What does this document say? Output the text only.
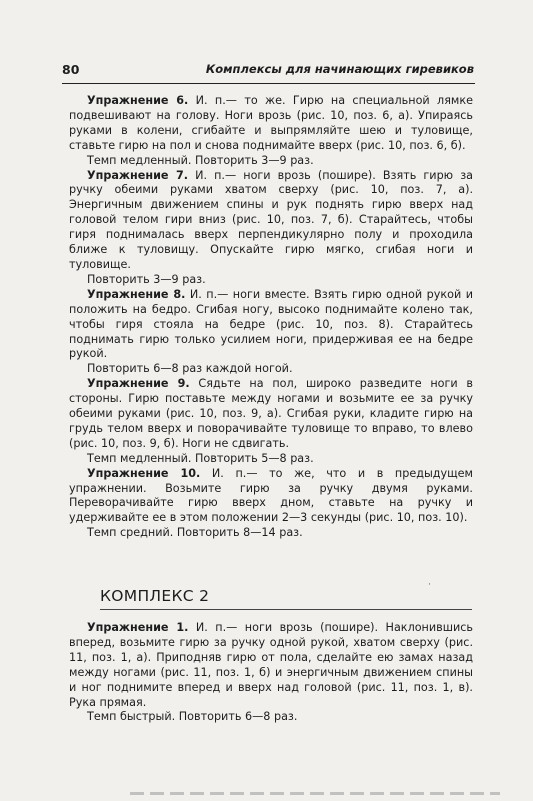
80	Комплексы для начинающих гиревиков

Упражнение 6. И. п.— то же. Гирю на специальной лямке подвешивают на голову. Ноги врозь (рис. 10, поз. 6, а). Упираясь руками в колени, сгибайте и выпрямляйте шею и туловище, ставьте гирю на пол и снова поднимайте вверх (рис. 10, поз. 6, б).

Темп медленный. Повторить 3—9 раз.

Упражнение 7. И. п.— ноги врозь (пошире). Взять гирю за ручку обеими руками хватом сверху (рис. 10, поз. 7, а). Энергичным движением спины и рук поднять гирю вверх над головой телом гири вниз (рис. 10, поз. 7, б). Старайтесь, чтобы гиря поднималась вверх перпендикулярно полу и проходила ближе к туловищу. Опускайте гирю мягко, сгибая ноги и туловище.

Повторить 3—9 раз.

Упражнение 8. И. п.— ноги вместе. Взять гирю одной рукой и положить на бедро. Сгибая ногу, высоко поднимайте колено так, чтобы гиря стояла на бедре (рис. 10, поз. 8). Старайтесь поднимать гирю только усилием ноги, придерживая ее на бедре рукой.

Повторить 6—8 раз каждой ногой.

Упражнение 9. Сядьте на пол, широко разведите ноги в стороны. Гирю поставьте между ногами и возьмите ее за ручку обеими руками (рис. 10, поз. 9, а). Сгибая руки, кладите гирю на грудь телом вверх и поворачивайте туловище то вправо, то влево (рис. 10, поз. 9, б). Ноги не сдвигать.

Темп медленный. Повторить 5—8 раз.

Упражнение 10. И. п.— то же, что и в предыдущем упражнении. Возьмите гирю за ручку двумя руками. Переворачивайте гирю вверх дном, ставьте на ручку и удерживайте ее в этом положении 2—3 секунды (рис. 10, поз. 10).

Темп средний. Повторить 8—14 раз.

·
КОМПЛЕКС 2

Упражнение 1. И. п.— ноги врозь (пошире). Наклонившись вперед, возьмите гирю за ручку одной рукой, хватом сверху (рис. 11, поз. 1, а). Приподняв гирю от пола, сделайте ею замах назад между ногами (рис. 11, поз. 1, б) и энергичным движением спины и ног поднимите вперед и вверх над головой (рис. 11, поз. 1, в). Рука прямая.

Темп быстрый. Повторить 6—8 раз.
